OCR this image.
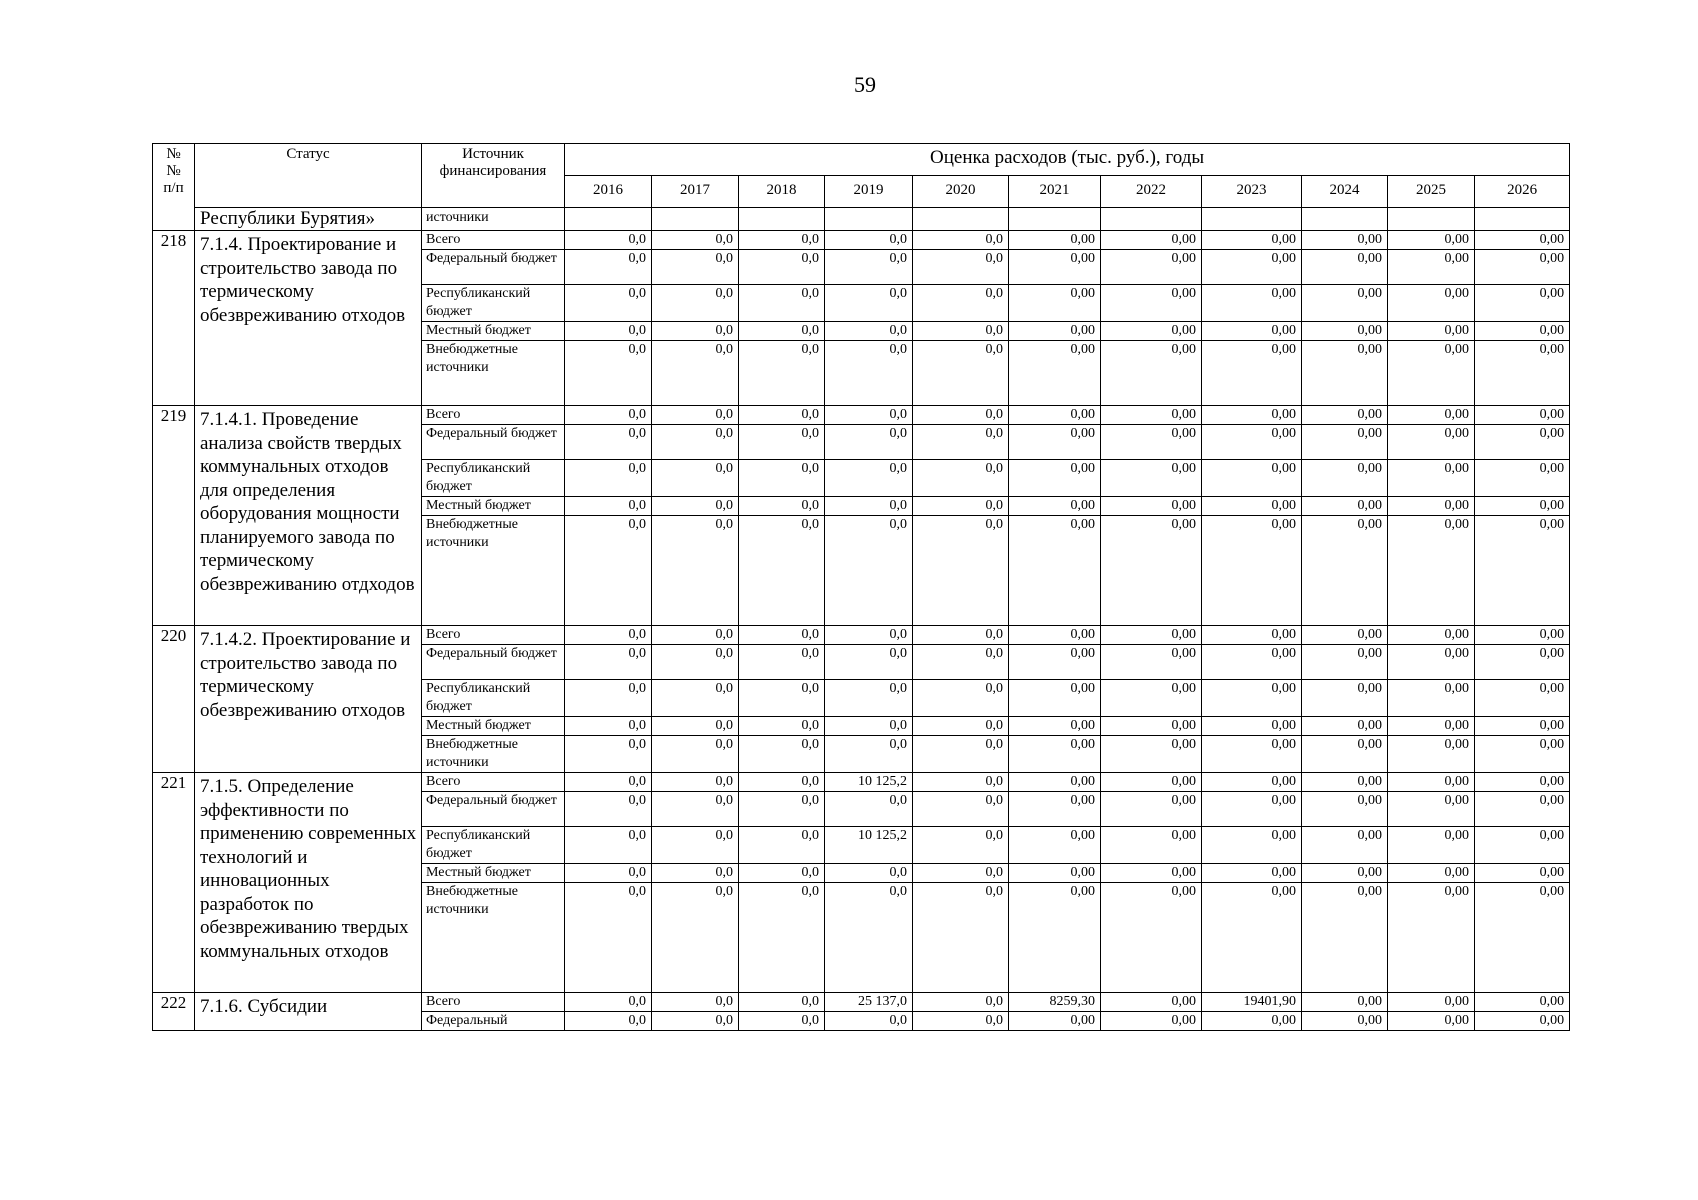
59
№
№
п/п	Статус	Источник финансирования	Оценка расходов (тыс. руб.), годы										
			2016	2017	2018	2019	2020	2021	2022	2023	2024	2025	2026
	Республики Бурятия»	источники											
218	7.1.4. Проектирование и строительство завода по термическому обезвреживанию отходов	Всего	0,0	0,0	0,0	0,0	0,0	0,00	0,00	0,00	0,00	0,00	0,00
		Федеральный бюджет	0,0	0,0	0,0	0,0	0,0	0,00	0,00	0,00	0,00	0,00	0,00
		Республиканский бюджет	0,0	0,0	0,0	0,0	0,0	0,00	0,00	0,00	0,00	0,00	0,00
		Местный бюджет	0,0	0,0	0,0	0,0	0,0	0,00	0,00	0,00	0,00	0,00	0,00
		Внебюджетные источники	0,0	0,0	0,0	0,0	0,0	0,00	0,00	0,00	0,00	0,00	0,00
219	7.1.4.1. Проведение анализа свойств твердых коммунальных отходов для определения оборудования мощности планируемого завода по термическому обезвреживанию отдходов	Всего	0,0	0,0	0,0	0,0	0,0	0,00	0,00	0,00	0,00	0,00	0,00
		Федеральный бюджет	0,0	0,0	0,0	0,0	0,0	0,00	0,00	0,00	0,00	0,00	0,00
		Республиканский бюджет	0,0	0,0	0,0	0,0	0,0	0,00	0,00	0,00	0,00	0,00	0,00
		Местный бюджет	0,0	0,0	0,0	0,0	0,0	0,00	0,00	0,00	0,00	0,00	0,00
		Внебюджетные источники	0,0	0,0	0,0	0,0	0,0	0,00	0,00	0,00	0,00	0,00	0,00
220	7.1.4.2. Проектирование и строительство завода по термическому обезвреживанию отходов	Всего	0,0	0,0	0,0	0,0	0,0	0,00	0,00	0,00	0,00	0,00	0,00
		Федеральный бюджет	0,0	0,0	0,0	0,0	0,0	0,00	0,00	0,00	0,00	0,00	0,00
		Республиканский бюджет	0,0	0,0	0,0	0,0	0,0	0,00	0,00	0,00	0,00	0,00	0,00
		Местный бюджет	0,0	0,0	0,0	0,0	0,0	0,00	0,00	0,00	0,00	0,00	0,00
		Внебюджетные источники	0,0	0,0	0,0	0,0	0,0	0,00	0,00	0,00	0,00	0,00	0,00
221	7.1.5. Определение эффективности по применению современных технологий и инновационных разработок по обезвреживанию твердых коммунальных отходов	Всего	0,0	0,0	0,0	10 125,2	0,0	0,00	0,00	0,00	0,00	0,00	0,00
		Федеральный бюджет	0,0	0,0	0,0	0,0	0,0	0,00	0,00	0,00	0,00	0,00	0,00
		Республиканский бюджет	0,0	0,0	0,0	10 125,2	0,0	0,00	0,00	0,00	0,00	0,00	0,00
		Местный бюджет	0,0	0,0	0,0	0,0	0,0	0,00	0,00	0,00	0,00	0,00	0,00
		Внебюджетные источники	0,0	0,0	0,0	0,0	0,0	0,00	0,00	0,00	0,00	0,00	0,00
222	7.1.6. Субсидии	Всего	0,0	0,0	0,0	25 137,0	0,0	8259,30	0,00	19401,90	0,00	0,00	0,00
		Федеральный	0,0	0,0	0,0	0,0	0,0	0,00	0,00	0,00	0,00	0,00	0,00
